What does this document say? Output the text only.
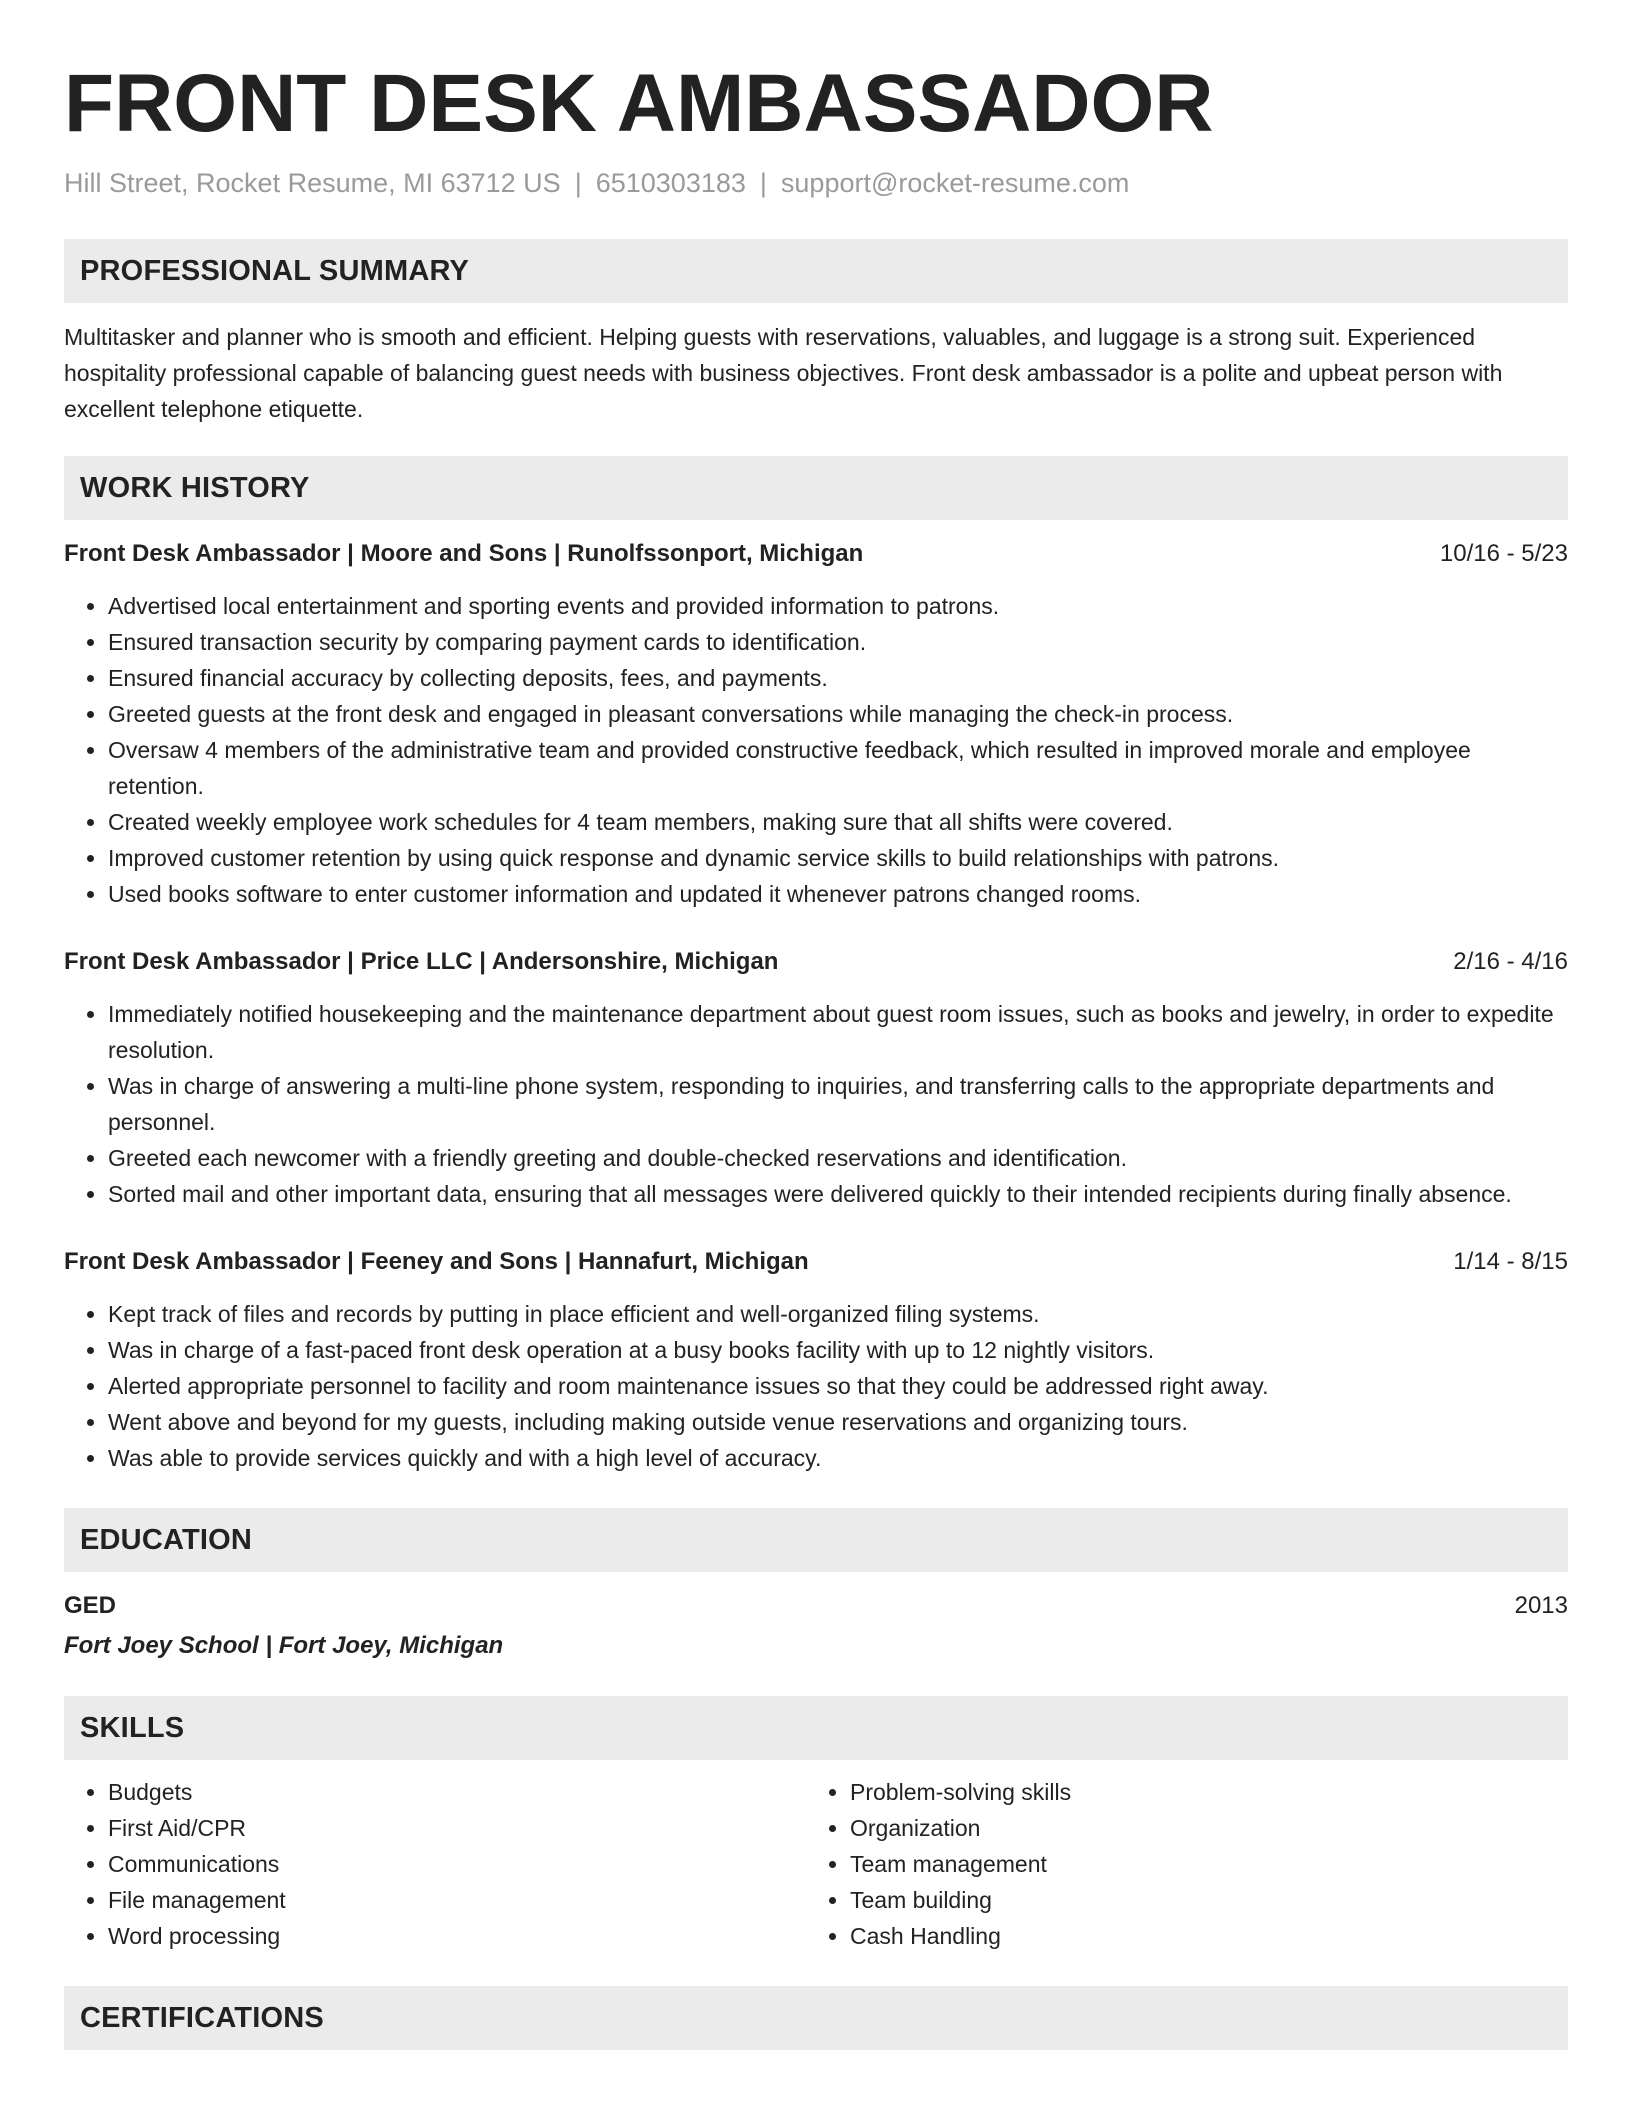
FRONT DESK AMBASSADOR
Hill Street, Rocket Resume, MI 63712 US | 6510303183 | support@rocket-resume.com
PROFESSIONAL SUMMARY

Multitasker and planner who is smooth and efficient. Helping guests with reservations, valuables, and luggage is a strong suit. Experienced hospitality professional capable of balancing guest needs with business objectives. Front desk ambassador is a polite and upbeat person with excellent telephone etiquette.

WORK HISTORY
Front Desk Ambassador | Moore and Sons | Runolfssonport, Michigan	10/16 - 5/23
• Advertised local entertainment and sporting events and provided information to patrons.
• Ensured transaction security by comparing payment cards to identification.
• Ensured financial accuracy by collecting deposits, fees, and payments.
• Greeted guests at the front desk and engaged in pleasant conversations while managing the check-in process.
• Oversaw 4 members of the administrative team and provided constructive feedback, which resulted in improved morale and employee retention.
• Created weekly employee work schedules for 4 team members, making sure that all shifts were covered.
• Improved customer retention by using quick response and dynamic service skills to build relationships with patrons.
• Used books software to enter customer information and updated it whenever patrons changed rooms.
Front Desk Ambassador | Price LLC | Andersonshire, Michigan	2/16 - 4/16
• Immediately notified housekeeping and the maintenance department about guest room issues, such as books and jewelry, in order to expedite resolution.
• Was in charge of answering a multi-line phone system, responding to inquiries, and transferring calls to the appropriate departments and personnel.
• Greeted each newcomer with a friendly greeting and double-checked reservations and identification.
• Sorted mail and other important data, ensuring that all messages were delivered quickly to their intended recipients during finally absence.
Front Desk Ambassador | Feeney and Sons | Hannafurt, Michigan	1/14 - 8/15
• Kept track of files and records by putting in place efficient and well-organized filing systems.
• Was in charge of a fast-paced front desk operation at a busy books facility with up to 12 nightly visitors.
• Alerted appropriate personnel to facility and room maintenance issues so that they could be addressed right away.
• Went above and beyond for my guests, including making outside venue reservations and organizing tours.
• Was able to provide services quickly and with a high level of accuracy.
EDUCATION
GED	2013
Fort Joey School | Fort Joey, Michigan
SKILLS
• Budgets
• First Aid/CPR
• Communications
• File management
• Word processing
• Problem-solving skills
• Organization
• Team management
• Team building
• Cash Handling
CERTIFICATIONS
